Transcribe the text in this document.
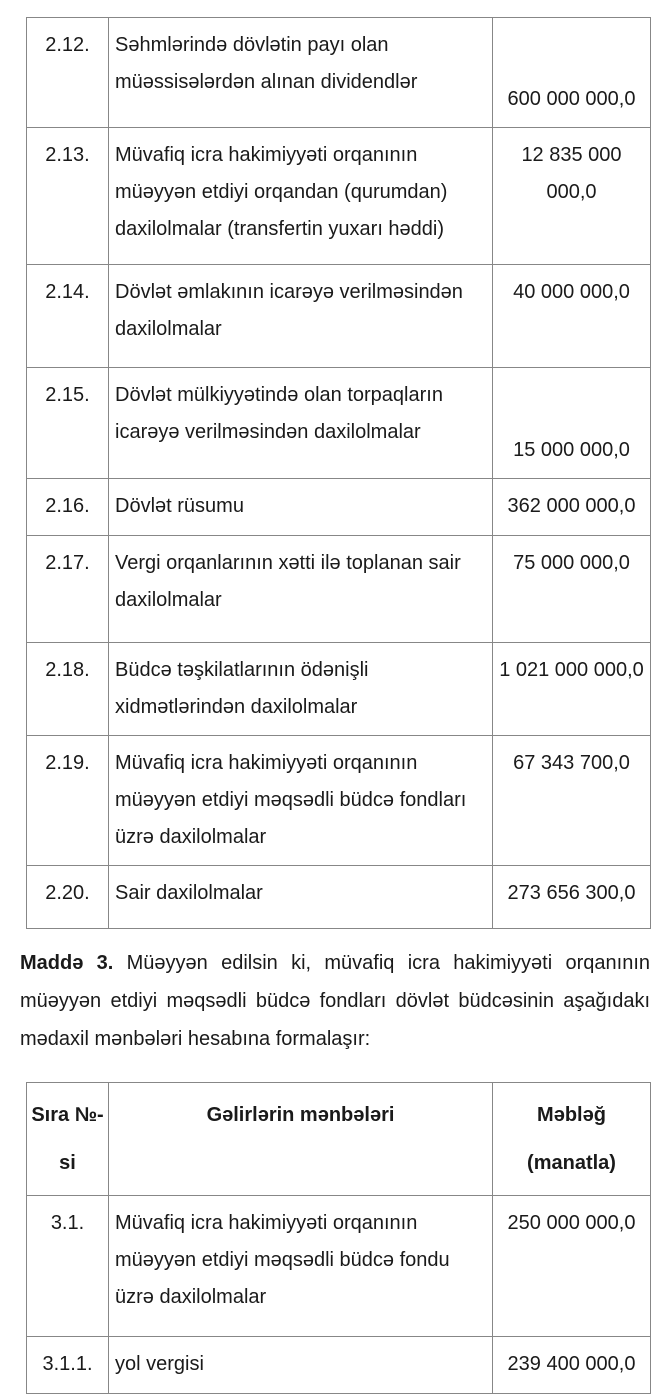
2.12.	Səhmlərində dövlətin payı olan müəssisələrdən alınan dividendlər	600 000 000,0
2.13.	Müvafiq icra hakimiyyəti orqanının müəyyən etdiyi orqandan (qurumdan) daxilolmalar (transfertin yuxarı həddi)	12 835 000 000,0
2.14.	Dövlət əmlakının icarəyə verilməsindən daxilolmalar	40 000 000,0
2.15.	Dövlət mülkiyyətində olan torpaqların icarəyə verilməsindən daxilolmalar	15 000 000,0
2.16.	Dövlət rüsumu	362 000 000,0
2.17.	Vergi orqanlarının xətti ilə toplanan sair daxilolmalar	75 000 000,0
2.18.	Büdcə təşkilatlarının ödənişli xidmətlərindən daxilolmalar	1 021 000 000,0
2.19.	Müvafiq icra hakimiyyəti orqanının müəyyən etdiyi məqsədli büdcə fondları üzrə daxilolmalar	67 343 700,0
2.20.	Sair daxilolmalar	273 656 300,0

Maddə 3. Müəyyən edilsin ki, müvafiq icra hakimiyyəti orqanının müəyyən etdiyi məqsədli büdcə fondları dövlət büdcəsinin aşağıdakı mədaxil mənbələri hesabına formalaşır:

Sıra №-si	Gəlirlərin mənbələri	Məbləğ (manatla)
3.1.	Müvafiq icra hakimiyyəti orqanının müəyyən etdiyi məqsədli büdcə fondu üzrə daxilolmalar	250 000 000,0
3.1.1.	yol vergisi	239 400 000,0
